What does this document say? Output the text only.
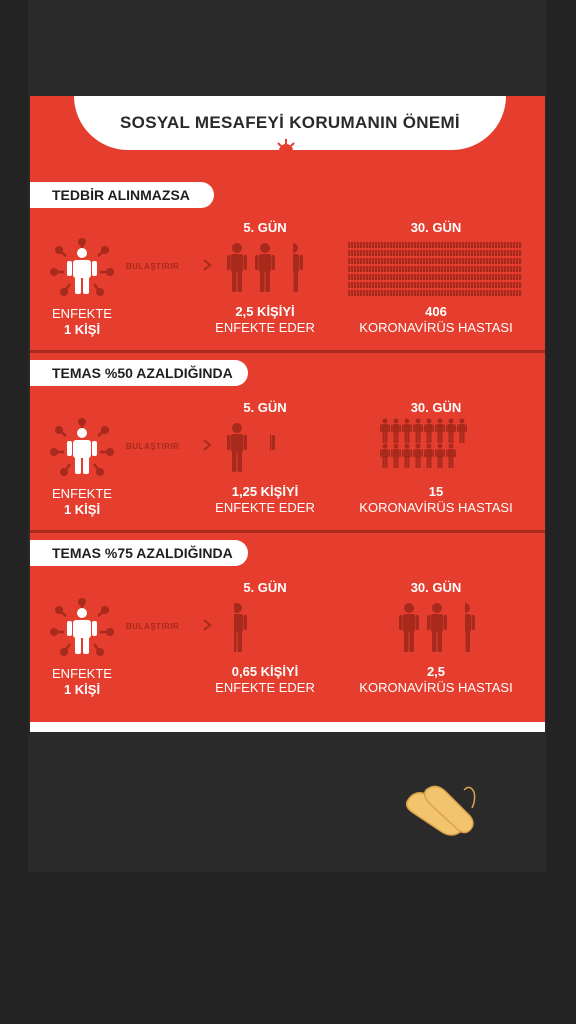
SOSYAL MESAFEYİ KORUMANIN ÖNEMİ
TEDBİR ALINMAZSA
BULAŞTIRIR
ENFEKTE
1 KİŞİ
5. GÜN
2,5 KİŞİYİ
ENFEKTE EDER
30. GÜN
406
KORONAVİRÜS HASTASI
TEMAS %50 AZALDIĞINDA
BULAŞTIRIR
ENFEKTE
1 KİŞİ
5. GÜN
1,25 KİŞİYİ
ENFEKTE EDER
30. GÜN

15
KORONAVİRÜS HASTASI
TEMAS %75 AZALDIĞINDA
BULAŞTIRIR
ENFEKTE
1 KİŞİ
5. GÜN
0,65 KİŞİYİ
ENFEKTE EDER
30. GÜN
2,5
KORONAVİRÜS HASTASI
